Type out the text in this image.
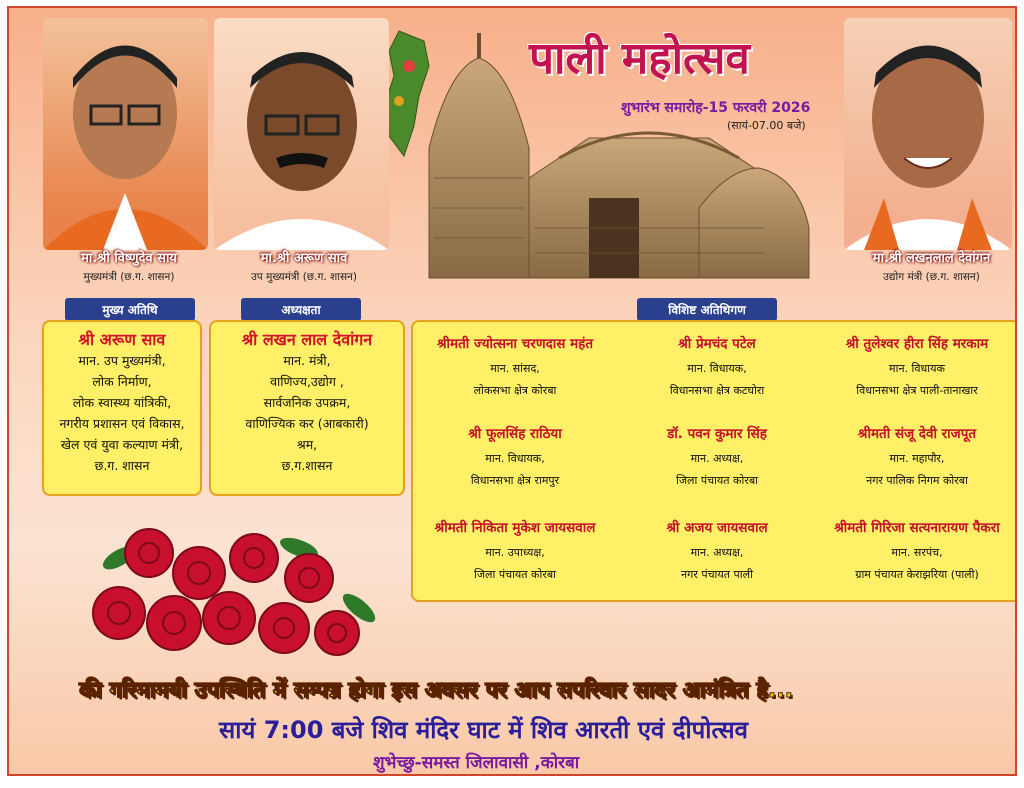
पाली महोत्सव
शुभारंभ समारोह-15 फरवरी 2026
(सायं-07.00 बजे)
मा.श्री विष्णुदेव साय
मुख्यमंत्री (छ.ग. शासन)
मा.श्री अरूण साव
उप मुख्यमंत्री (छ.ग. शासन)
मा.श्री लखनलाल देवांगन
उद्योग मंत्री (छ.ग. शासन)
मुख्य अतिथि
श्री अरूण साव
मान. उप मुख्यमंत्री,
लोक निर्माण,
लोक स्वास्थ्य यांत्रिकी,
नगरीय प्रशासन एवं विकास,
खेल एवं युवा कल्याण मंत्री,
छ.ग. शासन
अध्यक्षता
श्री लखन लाल देवांगन
मान. मंत्री,
वाणिज्य,उद्योग ,
सार्वजनिक उपक्रम,
वाणिज्यिक कर (आबकारी)
श्रम,
छ.ग.शासन
विशिष्ट अतिथिगण
श्रीमती ज्योत्सना चरणदास महंत
मान. सांसद,
लोकसभा क्षेत्र कोरबा
श्री प्रेमचंद पटेल
मान. विधायक,
विधानसभा क्षेत्र कटघोरा
श्री तुलेश्वर हीरा सिंह मरकाम
मान. विधायक
विधानसभा क्षेत्र पाली-तानाखार
श्री फूलसिंह राठिया
मान. विधायक,
विधानसभा क्षेत्र रामपुर
डॉ. पवन कुमार सिंह
मान. अध्यक्ष,
जिला पंचायत कोरबा
श्रीमती संजू देवी राजपूत
मान. महापौर,
नगर पालिक निगम कोरबा
श्रीमती निकिता मुकेश जायसवाल
मान. उपाध्यक्ष,
जिला पंचायत कोरबा
श्री अजय जायसवाल
मान. अध्यक्ष,
नगर पंचायत पाली
श्रीमती गिरिजा सत्यनारायण पैकरा
मान. सरपंच,
ग्राम पंचायत केराझरिया (पाली)
की गरिमामयी उपस्थिति में सम्पन्न होगा इस अवसर पर आप सपरिवार सादर आमंत्रित है...
सायं 7:00 बजे शिव मंदिर घाट में शिव आरती एवं दीपोत्सव
शुभेच्छु-समस्त जिलावासी ,कोरबा
